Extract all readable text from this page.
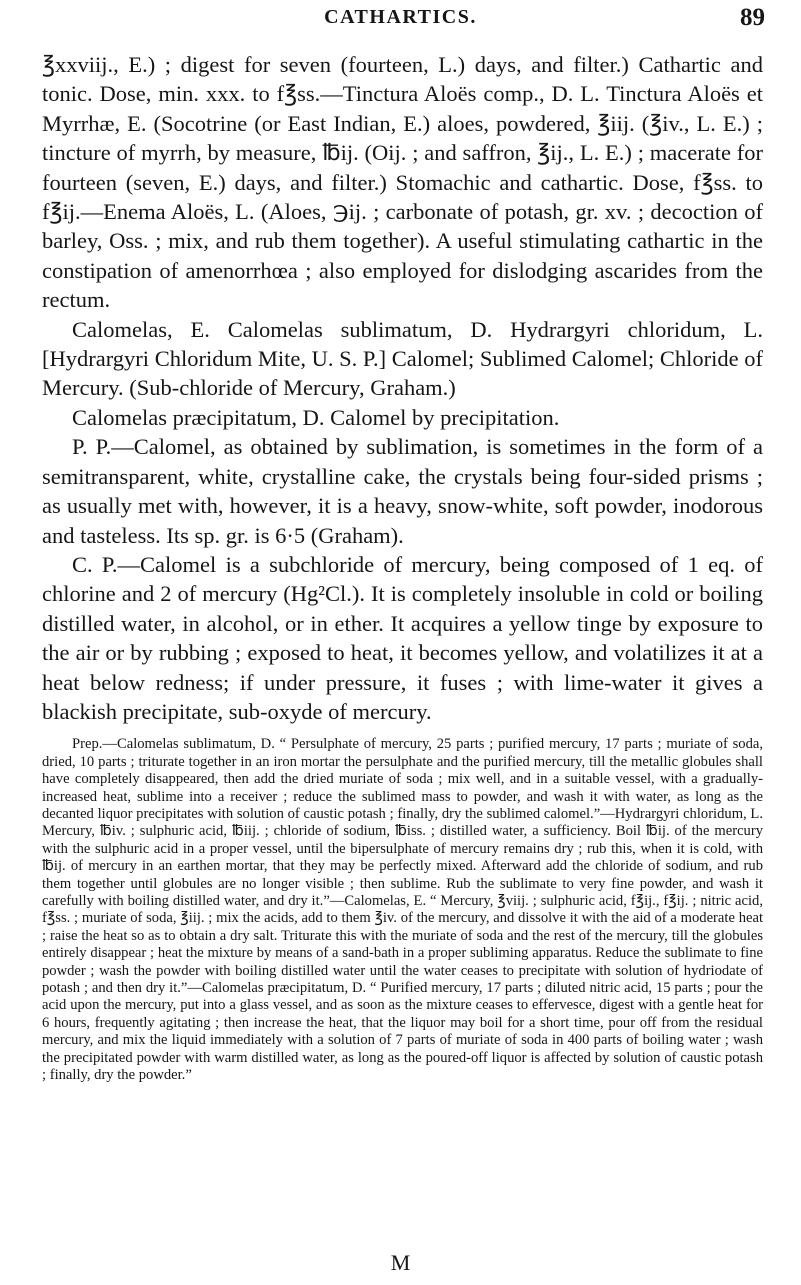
CATHARTICS.	89

℥xxviij., E.) ; digest for seven (fourteen, L.) days, and filter.) Cathartic and tonic. Dose, min. xxx. to f℥ss.—Tinctura Aloës comp., D. L. Tinctura Aloës et Myrrhæ, E. (Socotrine (or East Indian, E.) aloes, powdered, ℥iij. (℥iv., L. E.) ; tincture of myrrh, by measure, ℔ij. (Oij. ; and saffron, ℥ij., L. E.) ; macerate for fourteen (seven, E.) days, and filter.) Stomachic and cathartic. Dose, f℥ss. to f℥ij.—Enema Aloës, L. (Aloes, ℈ij. ; carbonate of potash, gr. xv. ; decoction of barley, Oss. ; mix, and rub them together). A useful stimulating cathartic in the constipation of amenorrhœa ; also employed for dislodging ascarides from the rectum.

Calomelas, E. Calomelas sublimatum, D. Hydrargyri chloridum, L. [Hydrargyri Chloridum Mite, U. S. P.] Calomel; Sublimed Calomel; Chloride of Mercury. (Sub-chloride of Mercury, Graham.)

Calomelas præcipitatum, D. Calomel by precipitation.

P. P.—Calomel, as obtained by sublimation, is sometimes in the form of a semitransparent, white, crystalline cake, the crystals being four-sided prisms ; as usually met with, however, it is a heavy, snow-white, soft powder, inodorous and tasteless. Its sp. gr. is 6·5 (Graham).

C. P.—Calomel is a subchloride of mercury, being composed of 1 eq. of chlorine and 2 of mercury (Hg²Cl.). It is completely insoluble in cold or boiling distilled water, in alcohol, or in ether. It acquires a yellow tinge by exposure to the air or by rubbing ; exposed to heat, it becomes yellow, and volatilizes it at a heat below redness; if under pressure, it fuses ; with lime-water it gives a blackish precipitate, sub-oxyde of mercury.

Prep.—Calomelas sublimatum, D. “ Persulphate of mercury, 25 parts ; purified mercury, 17 parts ; muriate of soda, dried, 10 parts ; triturate together in an iron mortar the persulphate and the purified mercury, till the metallic globules shall have completely disappeared, then add the dried muriate of soda ; mix well, and in a suitable vessel, with a gradually-increased heat, sublime into a receiver ; reduce the sublimed mass to powder, and wash it with water, as long as the decanted liquor precipitates with solution of caustic potash ; finally, dry the sublimed calomel.”—Hydrargyri chloridum, L. Mercury, ℔iv. ; sulphuric acid, ℔iij. ; chloride of sodium, ℔iss. ; distilled water, a sufficiency. Boil ℔ij. of the mercury with the sulphuric acid in a proper vessel, until the bipersulphate of mercury remains dry ; rub this, when it is cold, with ℔ij. of mercury in an earthen mortar, that they may be perfectly mixed. Afterward add the chloride of sodium, and rub them together until globules are no longer visible ; then sublime. Rub the sublimate to very fine powder, and wash it carefully with boiling distilled water, and dry it.”—Calomelas, E. “ Mercury, ℥viij. ; sulphuric acid, f℥ij., f℥ij. ; nitric acid, f℥ss. ; muriate of soda, ℥iij. ; mix the acids, add to them ℥iv. of the mercury, and dissolve it with the aid of a moderate heat ; raise the heat so as to obtain a dry salt. Triturate this with the muriate of soda and the rest of the mercury, till the globules entirely disappear ; heat the mixture by means of a sand-bath in a proper subliming apparatus. Reduce the sublimate to fine powder ; wash the powder with boiling distilled water until the water ceases to precipitate with solution of hydriodate of potash ; and then dry it.”—Calomelas præcipitatum, D. “ Purified mercury, 17 parts ; diluted nitric acid, 15 parts ; pour the acid upon the mercury, put into a glass vessel, and as soon as the mixture ceases to effervesce, digest with a gentle heat for 6 hours, frequently agitating ; then increase the heat, that the liquor may boil for a short time, pour off from the residual mercury, and mix the liquid immediately with a solution of 7 parts of muriate of soda in 400 parts of boiling water ; wash the precipitated powder with warm distilled water, as long as the poured-off liquor is affected by solution of caustic potash ; finally, dry the powder.”

M
